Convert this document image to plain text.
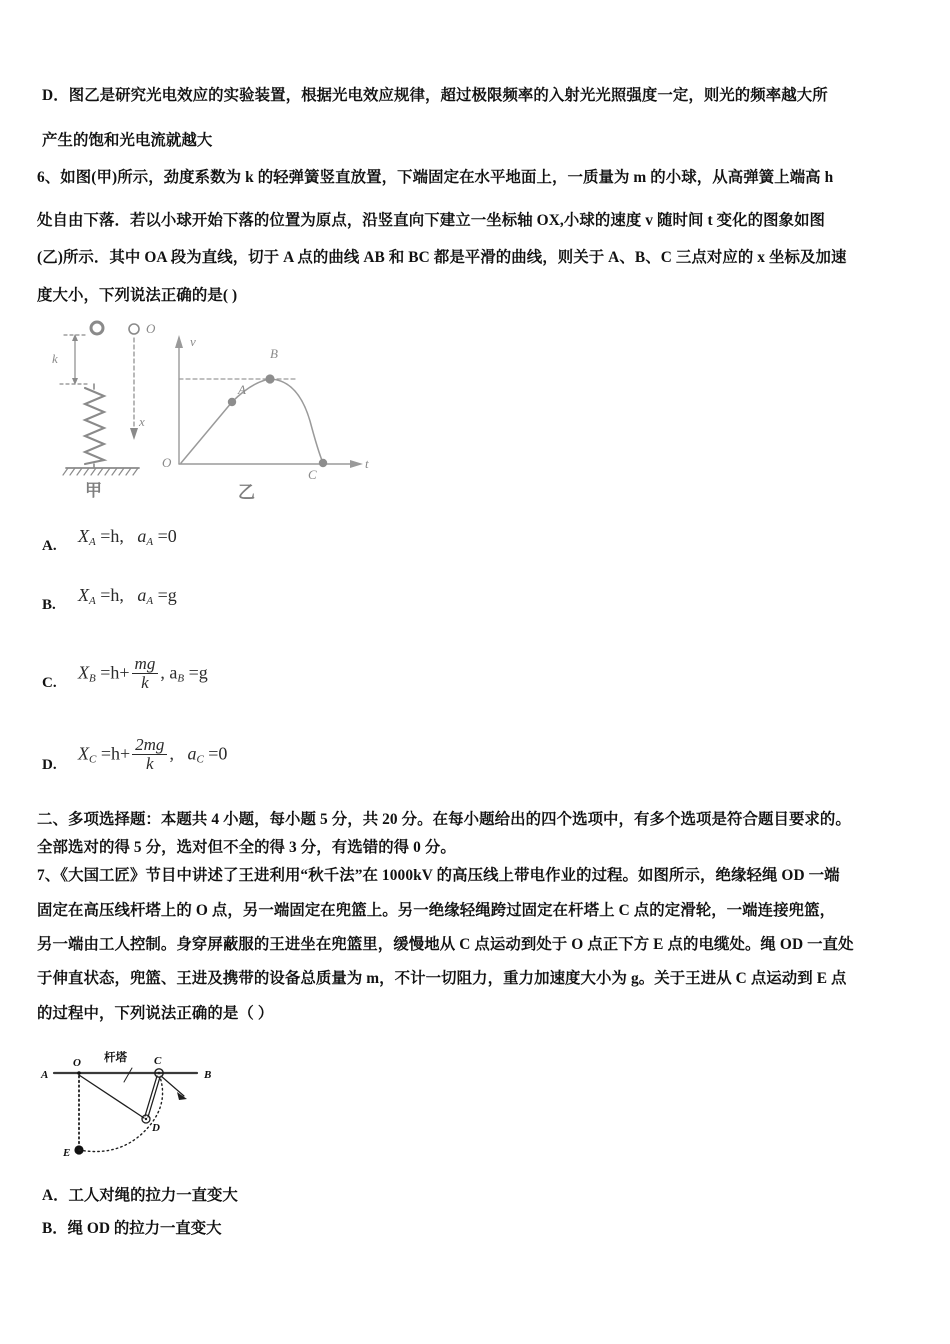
D．图乙是研究光电效应的实验装置，根据光电效应规律，超过极限频率的入射光光照强度一定，则光的频率越大所
产生的饱和光电流就越大
6、如图(甲)所示，劲度系数为 k 的轻弹簧竖直放置，下端固定在水平地面上，一质量为 m 的小球，从高弹簧上端高 h
处自由下落．若以小球开始下落的位置为原点，沿竖直向下建立一坐标轴 OX,小球的速度 v 随时间 t 变化的图象如图
(乙)所示．其中 OA 段为直线，切于 A 点的曲线 AB 和 BC 都是平滑的曲线，则关于 A、B、C 三点对应的 x 坐标及加速
度大小，下列说法正确的是( )
k
x
O
O
v
t
A
B
C
甲	乙
A. $X_A =h$, $a_A =0$
B. $X_A =h$, $a_A =g$
C.
$X_B =h+ \frac{mg}{k}$ , $a_B =g$
D.
$X_C =h+ \frac{2mg}{k}$ , $a_C =0$
二、多项选择题：本题共 4 小题，每小题 5 分，共 20 分。在每小题给出的四个选项中，有多个选项是符合题目要求的。
全部选对的得 5 分，选对但不全的得 3 分，有选错的得 0 分。
7、《大国工匠》节目中讲述了王进利用“秋千法”在 1000kV 的高压线上带电作业的过程。如图所示，绝缘轻绳 OD 一端
固定在高压线杆塔上的 O 点，另一端固定在兜篮上。另一绝缘轻绳跨过固定在杆塔上 C 点的定滑轮，一端连接兜篮，
另一端由工人控制。身穿屏蔽服的王进坐在兜篮里，缓慢地从 C 点运动到处于 O 点正下方 E 点的电缆处。绳 OD 一直处
于伸直状态，兜篮、王进及携带的设备总质量为 m，不计一切阻力，重力加速度大小为 g。关于王进从 C 点运动到 E 点
的过程中，下列说法正确的是（ ）
A
O	C
B
D
E
杆塔
A．工人对绳的拉力一直变大
B．绳 OD 的拉力一直变大
